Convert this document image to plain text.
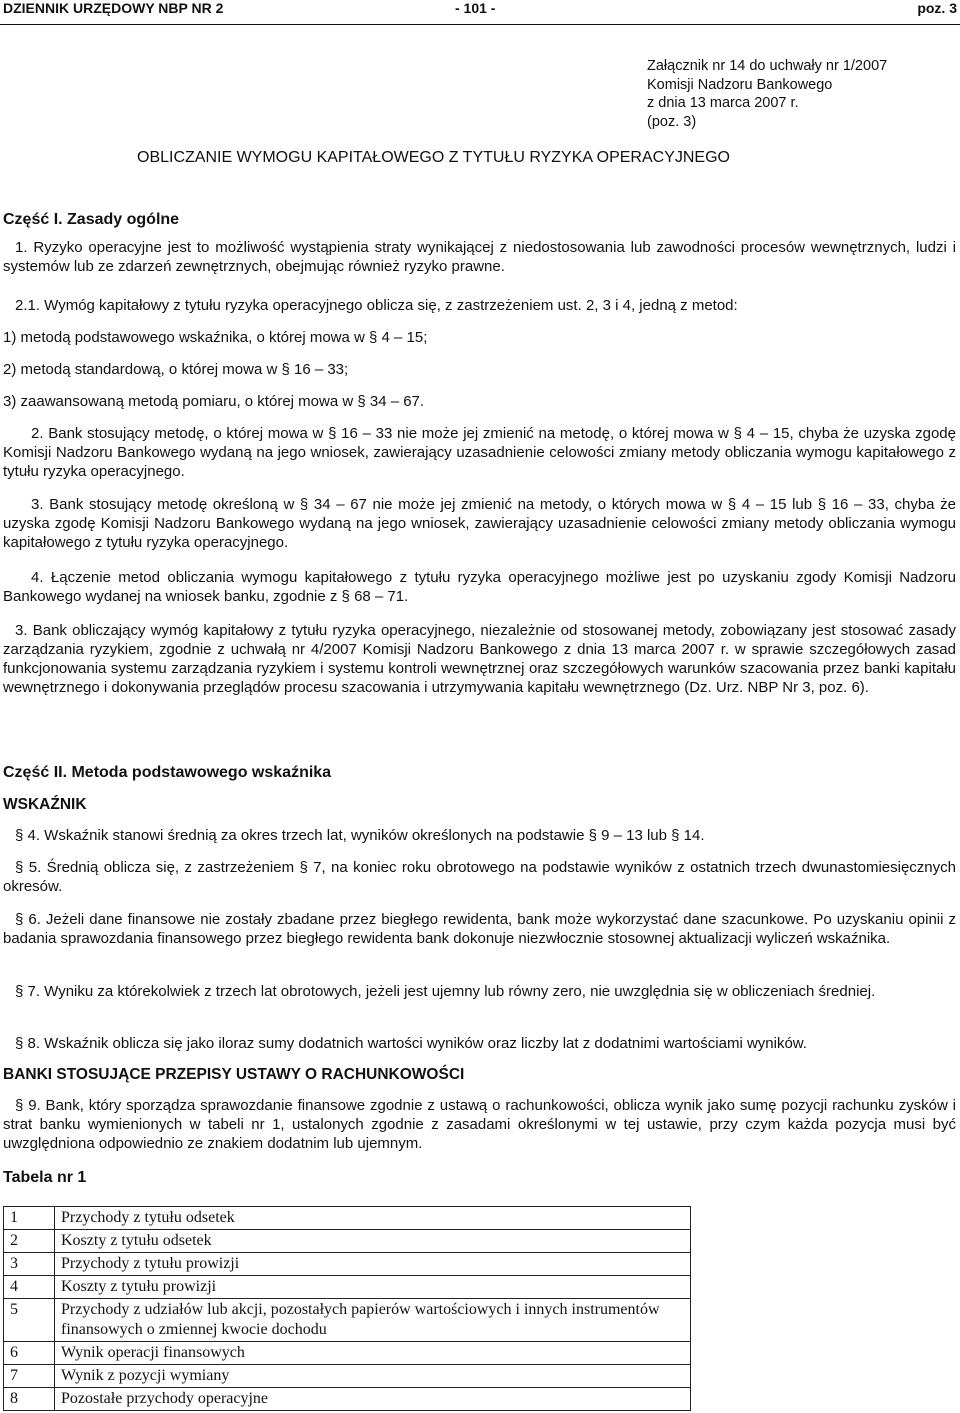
DZIENNIK URZĘDOWY NBP NR 2	- 101 -	poz. 3
Załącznik nr 14 do uchwały nr 1/2007
Komisji Nadzoru Bankowego
z dnia 13 marca 2007 r.
(poz. 3)
OBLICZANIE WYMOGU KAPITAŁOWEGO Z TYTUŁU RYZYKA OPERACYJNEGO
Część I. Zasady ogólne
1. Ryzyko operacyjne jest to możliwość wystąpienia straty wynikającej z niedostosowania lub zawodności procesów wewnętrznych, ludzi i systemów lub ze zdarzeń zewnętrznych, obejmując również ryzyko prawne.
2.1. Wymóg kapitałowy z tytułu ryzyka operacyjnego oblicza się, z zastrzeżeniem ust. 2, 3 i 4, jedną z metod:
1) metodą podstawowego wskaźnika, o której mowa w § 4 – 15;
2) metodą standardową, o której mowa w § 16 – 33;
3) zaawansowaną metodą pomiaru, o której mowa w § 34 – 67.
2. Bank stosujący metodę, o której mowa w § 16 – 33 nie może jej zmienić na metodę, o której mowa w § 4 – 15, chyba że uzyska zgodę Komisji Nadzoru Bankowego wydaną na jego wniosek, zawierający uzasadnienie celowości zmiany metody obliczania wymogu kapitałowego z tytułu ryzyka operacyjnego.
3. Bank stosujący metodę określoną w § 34 – 67 nie może jej zmienić na metody, o których mowa w § 4 – 15 lub § 16 – 33, chyba że uzyska zgodę Komisji Nadzoru Bankowego wydaną na jego wniosek, zawierający uzasadnienie celowości zmiany metody obliczania wymogu kapitałowego z tytułu ryzyka operacyjnego.
4. Łączenie metod obliczania wymogu kapitałowego z tytułu ryzyka operacyjnego możliwe jest po uzyskaniu zgody Komisji Nadzoru Bankowego wydanej na wniosek banku, zgodnie z § 68 – 71.
3. Bank obliczający wymóg kapitałowy z tytułu ryzyka operacyjnego, niezależnie od stosowanej metody, zobowiązany jest stosować zasady zarządzania ryzykiem, zgodnie z uchwałą nr 4/2007 Komisji Nadzoru Bankowego z dnia 13 marca 2007 r. w sprawie szczegółowych zasad funkcjonowania systemu zarządzania ryzykiem i systemu kontroli wewnętrznej oraz szczegółowych warunków szacowania przez banki kapitału wewnętrznego i dokonywania przeglądów procesu szacowania i utrzymywania kapitału wewnętrznego (Dz. Urz. NBP Nr 3, poz. 6).
Część II. Metoda podstawowego wskaźnika
WSKAŹNIK
§ 4. Wskaźnik stanowi średnią za okres trzech lat, wyników określonych na podstawie § 9 – 13 lub § 14.
§ 5. Średnią oblicza się, z zastrzeżeniem § 7, na koniec roku obrotowego na podstawie wyników z ostatnich trzech dwunastomiesięcznych okresów.
§ 6. Jeżeli dane finansowe nie zostały zbadane przez biegłego rewidenta, bank może wykorzystać dane szacunkowe. Po uzyskaniu opinii z badania sprawozdania finansowego przez biegłego rewidenta bank dokonuje niezwłocznie stosownej aktualizacji wyliczeń wskaźnika.
§ 7. Wyniku za którekolwiek z trzech lat obrotowych, jeżeli jest ujemny lub równy zero, nie uwzględnia się w obliczeniach średniej.
§ 8. Wskaźnik oblicza się jako iloraz sumy dodatnich wartości wyników oraz liczby lat z dodatnimi wartościami wyników.
BANKI STOSUJĄCE PRZEPISY USTAWY O RACHUNKOWOŚCI
§ 9. Bank, który sporządza sprawozdanie finansowe zgodnie z ustawą o rachunkowości, oblicza wynik jako sumę pozycji rachunku zysków i strat banku wymienionych w tabeli nr 1, ustalonych zgodnie z zasadami określonymi w tej ustawie, przy czym każda pozycja musi być uwzględniona odpowiednio ze znakiem dodatnim lub ujemnym.
Tabela nr 1
1	Przychody z tytułu odsetek
2	Koszty z tytułu odsetek
3	Przychody z tytułu prowizji
4	Koszty z tytułu prowizji
5	Przychody z udziałów lub akcji, pozostałych papierów wartościowych i innych instrumentów finansowych o zmiennej kwocie dochodu
6	Wynik operacji finansowych
7	Wynik z pozycji wymiany
8	Pozostałe przychody operacyjne
